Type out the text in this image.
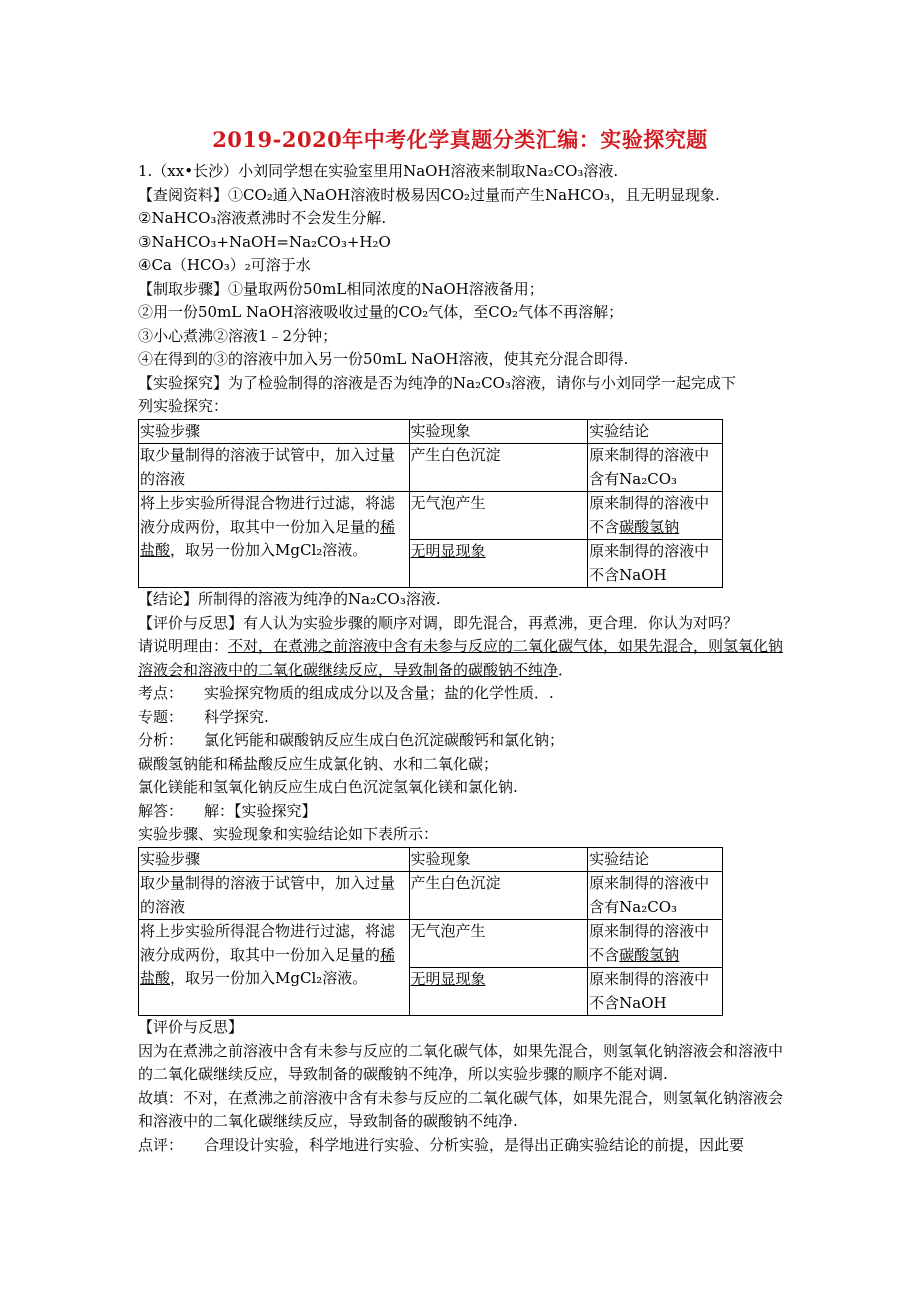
2019-2020年中考化学真题分类汇编：实验探究题
1.（xx•长沙）小刘同学想在实验室里用NaOH溶液来制取Na₂CO₃溶液.
【查阅资料】①CO₂通入NaOH溶液时极易因CO₂过量而产生NaHCO₃，且无明显现象.
②NaHCO₃溶液煮沸时不会发生分解.
③NaHCO₃+NaOH=Na₂CO₃+H₂O
④Ca（HCO₃）₂可溶于水
【制取步骤】①量取两份50mL相同浓度的NaOH溶液备用；
②用一份50mL NaOH溶液吸收过量的CO₂气体，至CO₂气体不再溶解；
③小心煮沸②溶液1﹣2分钟；
④在得到的③的溶液中加入另一份50mL NaOH溶液，使其充分混合即得.
【实验探究】为了检验制得的溶液是否为纯净的Na₂CO₃溶液，请你与小刘同学一起完成下
列实验探究：
实验步骤	实验现象	实验结论
取少量制得的溶液于试管中，加入过量的溶液	产生白色沉淀	原来制得的溶液中含有Na₂CO₃
将上步实验所得混合物进行过滤，将滤液分成两份，取其中一份加入足量的稀盐酸，取另一份加入MgCl₂溶液。	无气泡产生	原来制得的溶液中不含碳酸氢钠
	无明显现象	原来制得的溶液中不含NaOH
【结论】所制得的溶液为纯净的Na₂CO₃溶液.
【评价与反思】有人认为实验步骤的顺序对调，即先混合，再煮沸，更合理．你认为对吗？
请说明理由：不对，在煮沸之前溶液中含有未参与反应的二氧化碳气体，如果先混合，则氢氧化钠溶液会和溶液中的二氧化碳继续反应，导致制备的碳酸钠不纯净．
考点： 实验探究物质的组成成分以及含量；盐的化学性质．.
专题： 科学探究.
分析： 氯化钙能和碳酸钠反应生成白色沉淀碳酸钙和氯化钠；
碳酸氢钠能和稀盐酸反应生成氯化钠、水和二氧化碳；
氯化镁能和氢氧化钠反应生成白色沉淀氢氧化镁和氯化钠.
解答： 解：【实验探究】
实验步骤、实验现象和实验结论如下表所示：
实验步骤	实验现象	实验结论
取少量制得的溶液于试管中，加入过量的溶液	产生白色沉淀	原来制得的溶液中含有Na₂CO₃
将上步实验所得混合物进行过滤，将滤液分成两份，取其中一份加入足量的稀盐酸，取另一份加入MgCl₂溶液。	无气泡产生	原来制得的溶液中不含碳酸氢钠
	无明显现象	原来制得的溶液中不含NaOH
【评价与反思】
因为在煮沸之前溶液中含有未参与反应的二氧化碳气体，如果先混合，则氢氧化钠溶液会和溶液中的二氧化碳继续反应，导致制备的碳酸钠不纯净，所以实验步骤的顺序不能对调.
故填：不对，在煮沸之前溶液中含有未参与反应的二氧化碳气体，如果先混合，则氢氧化钠溶液会和溶液中的二氧化碳继续反应，导致制备的碳酸钠不纯净.
点评： 合理设计实验，科学地进行实验、分析实验，是得出正确实验结论的前提，因此要
